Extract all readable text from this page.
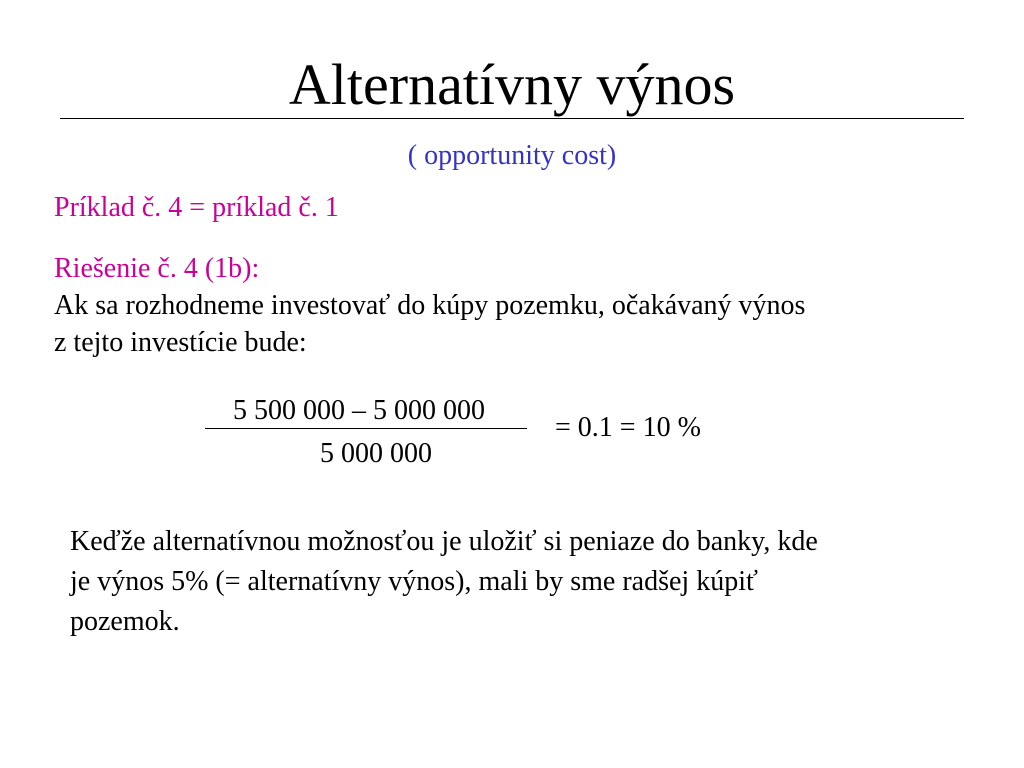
Alternatívny výnos
( opportunity cost)
Príklad č. 4 = príklad č. 1
Riešenie č. 4 (1b):
Ak sa rozhodneme investovať do kúpy pozemku, očakávaný výnos
z tejto investície bude:
5 500 000 – 5 000 000
5 000 000
= 0.1 = 10 %
Keďže alternatívnou možnosťou je uložiť si peniaze do banky, kde
je výnos 5% (= alternatívny výnos), mali by sme radšej kúpiť
pozemok.
